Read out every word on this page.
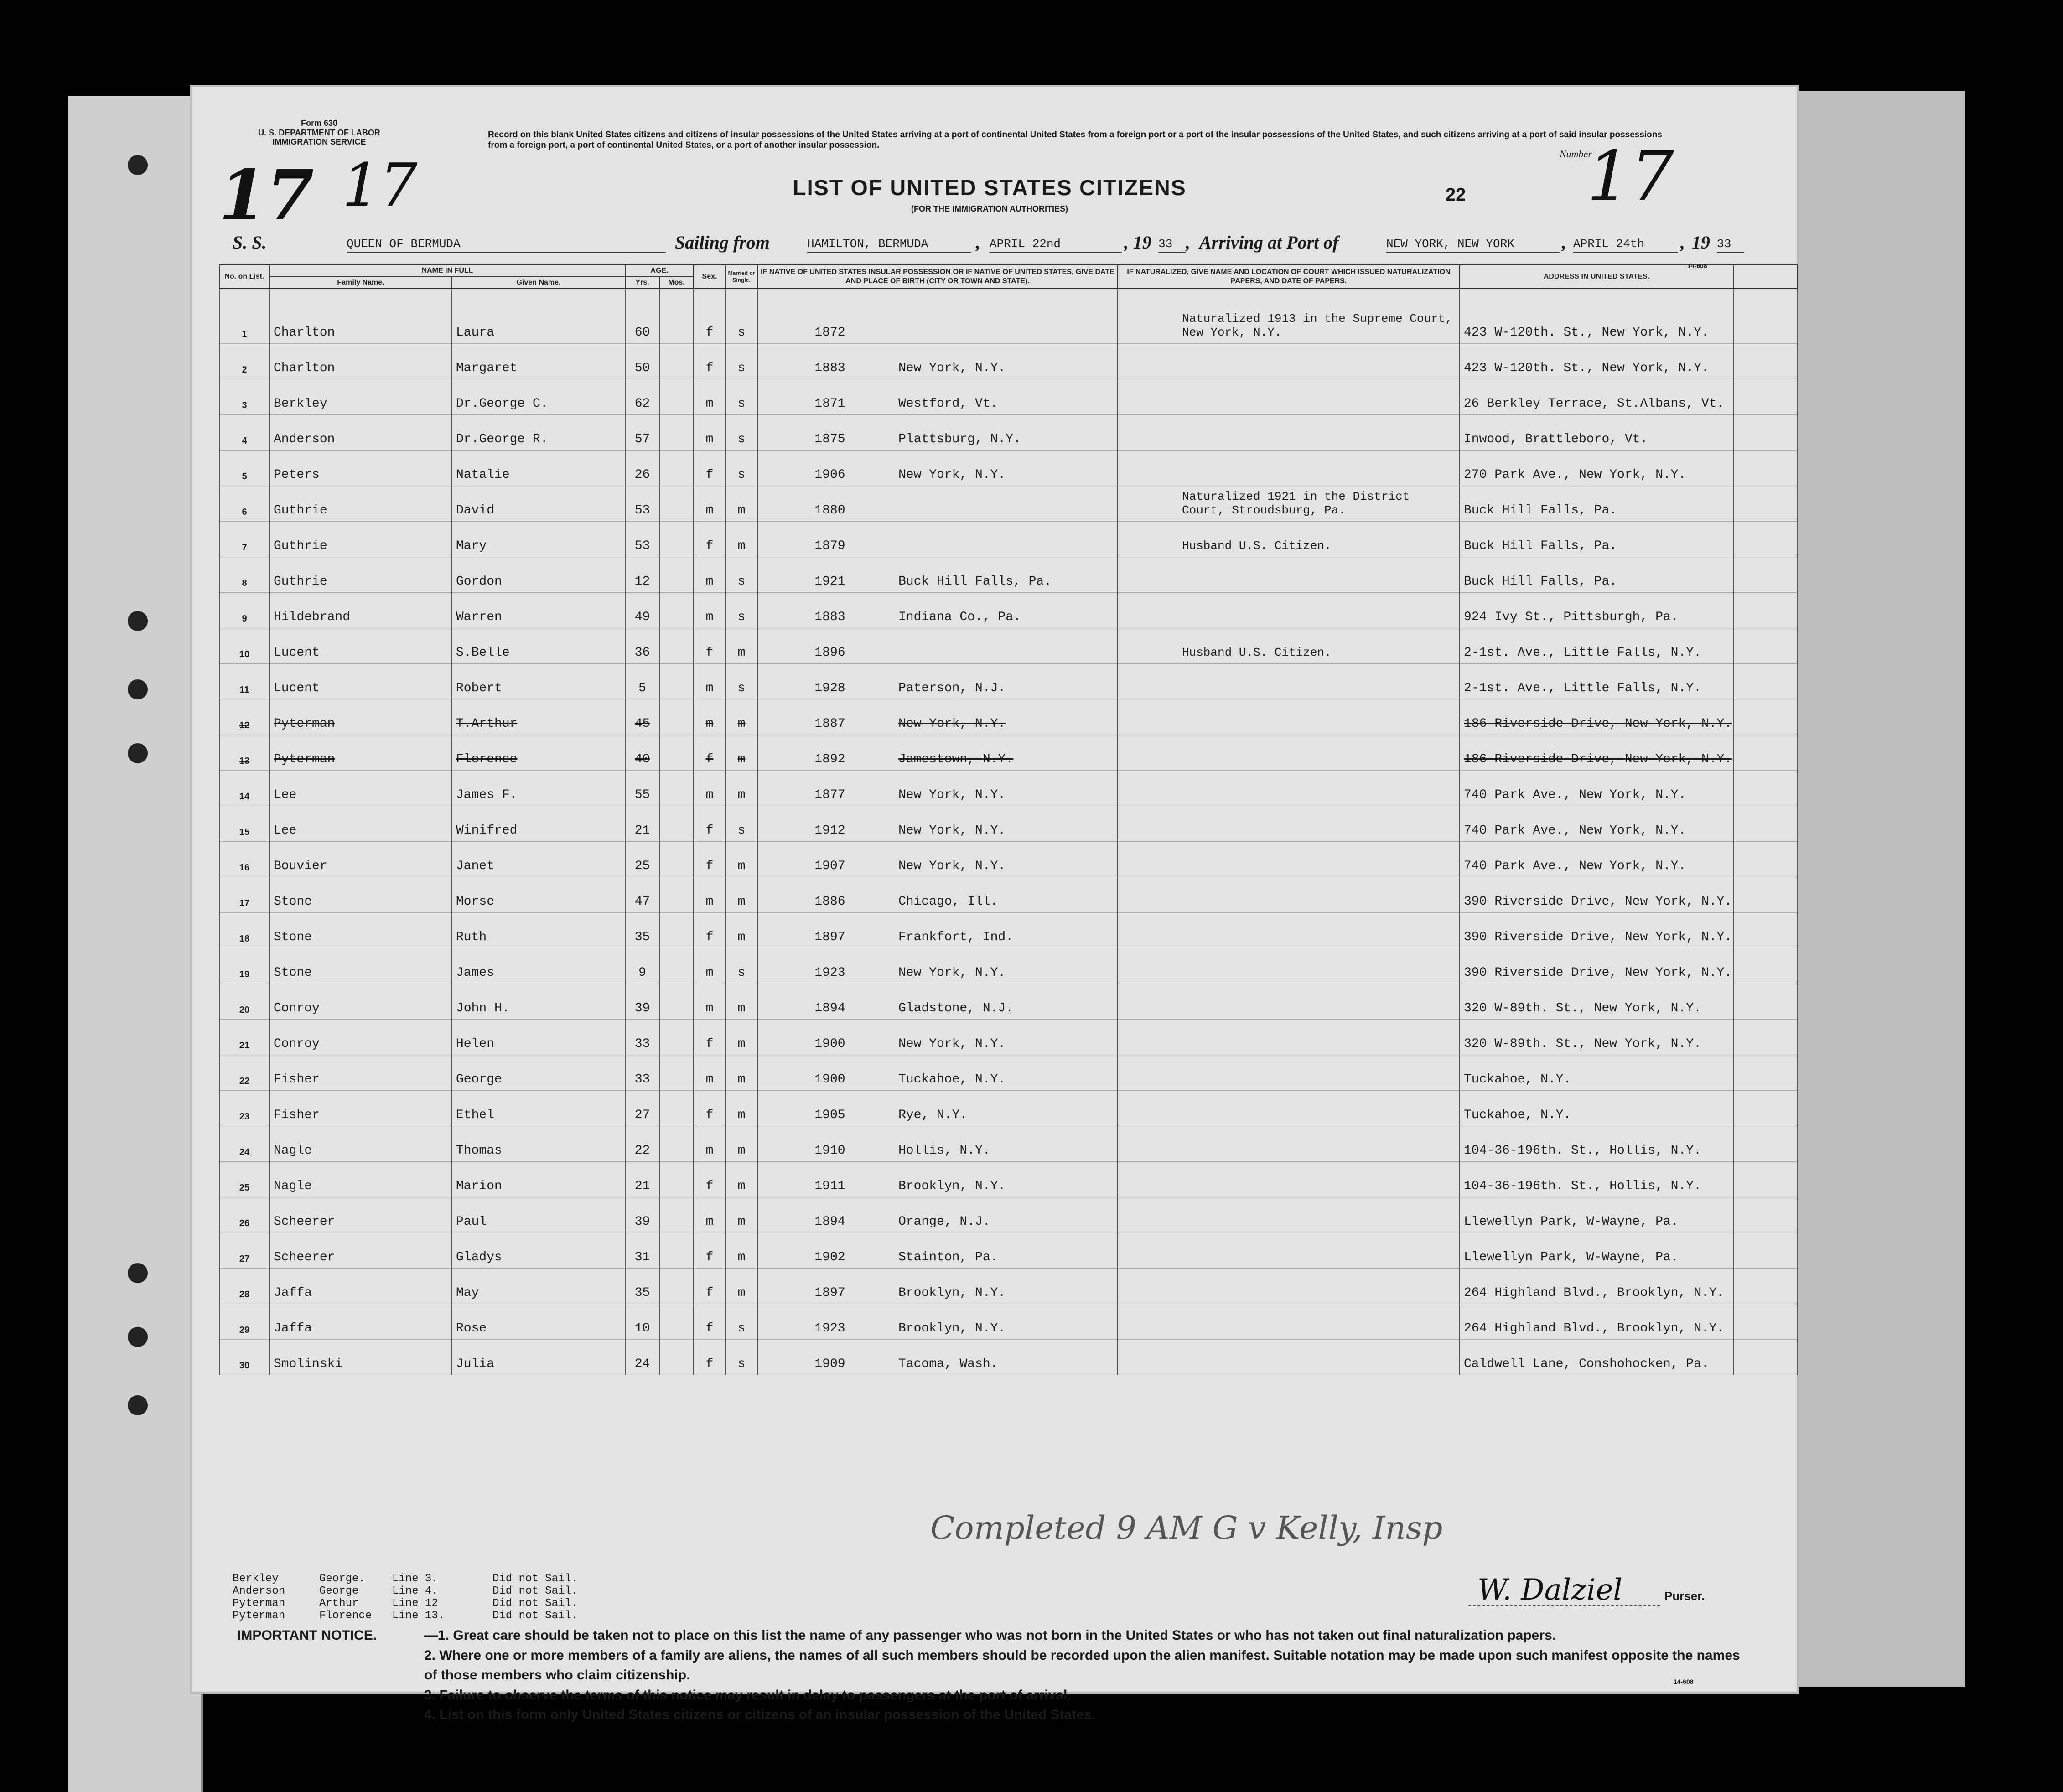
17 17
Form 630
U. S. DEPARTMENT OF LABOR
IMMIGRATION SERVICE
Record on this blank United States citizens and citizens of insular possessions of the United States arriving at a port of continental United States from a foreign port or a port of the insular possessions of the United States, and such citizens arriving at a port of said insular possessions from a foreign port, a port of continental United States, or a port of another insular possession.
Number
17
LIST OF UNITED STATES CITIZENS
(FOR THE IMMIGRATION AUTHORITIES)
22
S. S.	QUEEN OF BERMUDA	Sailing from	HAMILTON, BERMUDA	, APRIL 22nd	, 19 33 , Arriving at Port of	NEW YORK, NEW YORK	, APRIL 24th	, 19 33
14-608
No. on List.	NAME IN FULL		AGE.		Sex.	Married or Single.	IF NATIVE OF UNITED STATES INSULAR POSSESSION OR IF NATIVE OF UNITED STATES, GIVE DATE AND PLACE OF BIRTH (CITY OR TOWN AND STATE).	IF NATURALIZED, GIVE NAME AND LOCATION OF COURT WHICH ISSUED NATURALIZATION PAPERS, AND DATE OF PAPERS.	ADDRESS IN UNITED STATES.	
	Family Name.	Given Name.	Yrs.	Mos.						
1	Charlton	Laura	60		f	s	1872	Naturalized 1913 in the Supreme Court, New York, N.Y.	423 W-120th. St., New York, N.Y.	
2	Charlton	Margaret	50		f	s	1883 New York, N.Y.		423 W-120th. St., New York, N.Y.	
3	Berkley	Dr.George C.	62		m	s	1871 Westford, Vt.		26 Berkley Terrace, St.Albans, Vt.	
4	Anderson	Dr.George R.	57		m	s	1875 Plattsburg, N.Y.		Inwood, Brattleboro, Vt.	
5	Peters	Natalie	26		f	s	1906 New York, N.Y.		270 Park Ave., New York, N.Y.	
6	Guthrie	David	53		m	m	1880	Naturalized 1921 in the District Court, Stroudsburg, Pa.	Buck Hill Falls, Pa.	
7	Guthrie	Mary	53		f	m	1879	Husband U.S. Citizen.	Buck Hill Falls, Pa.	
8	Guthrie	Gordon	12		m	s	1921 Buck Hill Falls, Pa.		Buck Hill Falls, Pa.	
9	Hildebrand	Warren	49		m	s	1883 Indiana Co., Pa.		924 Ivy St., Pittsburgh, Pa.	
10	Lucent	S.Belle	36		f	m	1896	Husband U.S. Citizen.	2-1st. Ave., Little Falls, N.Y.	
11	Lucent	Robert	5		m	s	1928 Paterson, N.J.		2-1st. Ave., Little Falls, N.Y.	
12	Pyterman	T.Arthur	45		m	m	1887 New York, N.Y.		186 Riverside Drive, New York, N.Y.	
13	Pyterman	Florence	40		f	m	1892 Jamestown, N.Y.		186 Riverside Drive, New York, N.Y.	
14	Lee	James F.	55		m	m	1877 New York, N.Y.		740 Park Ave., New York, N.Y.	
15	Lee	Winifred	21		f	s	1912 New York, N.Y.		740 Park Ave., New York, N.Y.	
16	Bouvier	Janet	25		f	m	1907 New York, N.Y.		740 Park Ave., New York, N.Y.	
17	Stone	Morse	47		m	m	1886 Chicago, Ill.		390 Riverside Drive, New York, N.Y.	
18	Stone	Ruth	35		f	m	1897 Frankfort, Ind.		390 Riverside Drive, New York, N.Y.	
19	Stone	James	9		m	s	1923 New York, N.Y.		390 Riverside Drive, New York, N.Y.	
20	Conroy	John H.	39		m	m	1894 Gladstone, N.J.		320 W-89th. St., New York, N.Y.	
21	Conroy	Helen	33		f	m	1900 New York, N.Y.		320 W-89th. St., New York, N.Y.	
22	Fisher	George	33		m	m	1900 Tuckahoe, N.Y.		Tuckahoe, N.Y.	
23	Fisher	Ethel	27		f	m	1905 Rye, N.Y.		Tuckahoe, N.Y.	
24	Nagle	Thomas	22		m	m	1910 Hollis, N.Y.		104-36-196th. St., Hollis, N.Y.	
25	Nagle	Marion	21		f	m	1911 Brooklyn, N.Y.		104-36-196th. St., Hollis, N.Y.	
26	Scheerer	Paul	39		m	m	1894 Orange, N.J.		Llewellyn Park, W-Wayne, Pa.	
27	Scheerer	Gladys	31		f	m	1902 Stainton, Pa.		Llewellyn Park, W-Wayne, Pa.	
28	Jaffa	May	35		f	m	1897 Brooklyn, N.Y.		264 Highland Blvd., Brooklyn, N.Y.	
29	Jaffa	Rose	10		f	s	1923 Brooklyn, N.Y.		264 Highland Blvd., Brooklyn, N.Y.	
30	Smolinski	Julia	24		f	s	1909 Tacoma, Wash.		Caldwell Lane, Conshohocken, Pa.	
Completed 9 AM G v Kelly, Insp
W. Dalziel	Purser.
Berkley	George.	Line 3.	Did not Sail.
Anderson	George	Line 4.	Did not Sail.
Pyterman	Arthur	Line 12	Did not Sail.
Pyterman	Florence	Line 13.	Did not Sail.
IMPORTANT NOTICE.	—1. Great care should be taken not to place on this list the name of any passenger who was not born in the United States or who has not taken out final naturalization papers.
2. Where one or more members of a family are aliens, the names of all such members should be recorded upon the alien manifest. Suitable notation may be made upon such manifest opposite the names of those members who claim citizenship.
3. Failure to observe the terms of this notice may result in delay to passengers at the port of arrival.
4. List on this form only United States citizens or citizens of an insular possession of the United States.
14-608
